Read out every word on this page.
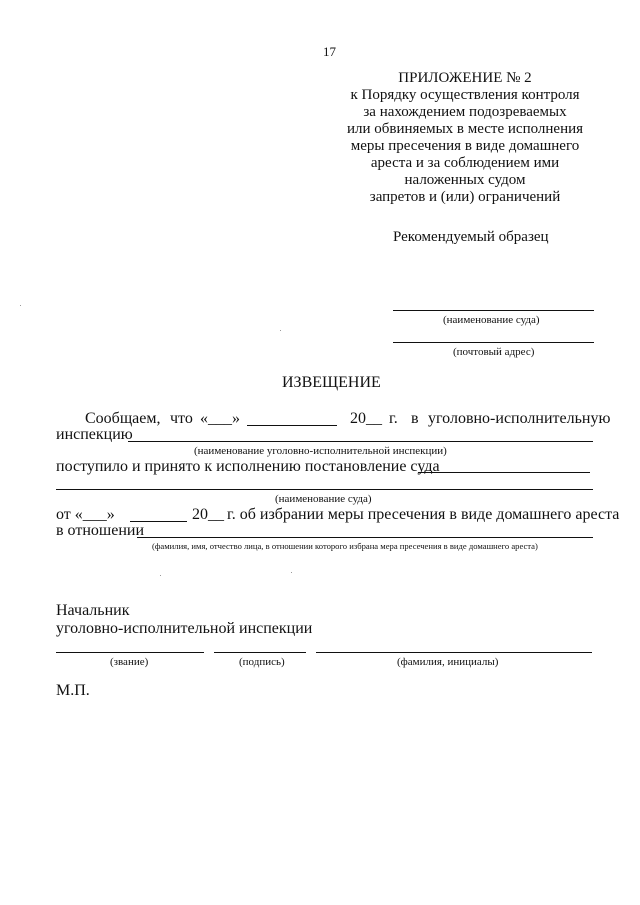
17
ПРИЛОЖЕНИЕ № 2
к Порядку осуществления контроля
за нахождением подозреваемых
или обвиняемых в месте исполнения
меры пресечения в виде домашнего
ареста и за соблюдением ими
наложенных судом
запретов и (или) ограничений
Рекомендуемый образец
(наименование суда)
(почтовый адрес)
ИЗВЕЩЕНИЕ
Сообщаем, что «___»	20__ г. в уголовно-исполнительную
инспекцию
(наименование уголовно-исполнительной инспекции)
поступило и принято к исполнению постановление суда
(наименование суда)
от «___»	20__ г. об избрании меры пресечения в виде домашнего ареста
в отношении
(фамилия, имя, отчество лица, в отношении которого избрана мера пресечения в виде домашнего ареста)
Начальник
уголовно-исполнительной инспекции
(звание)	(подпись)	(фамилия, инициалы)
М.П.
